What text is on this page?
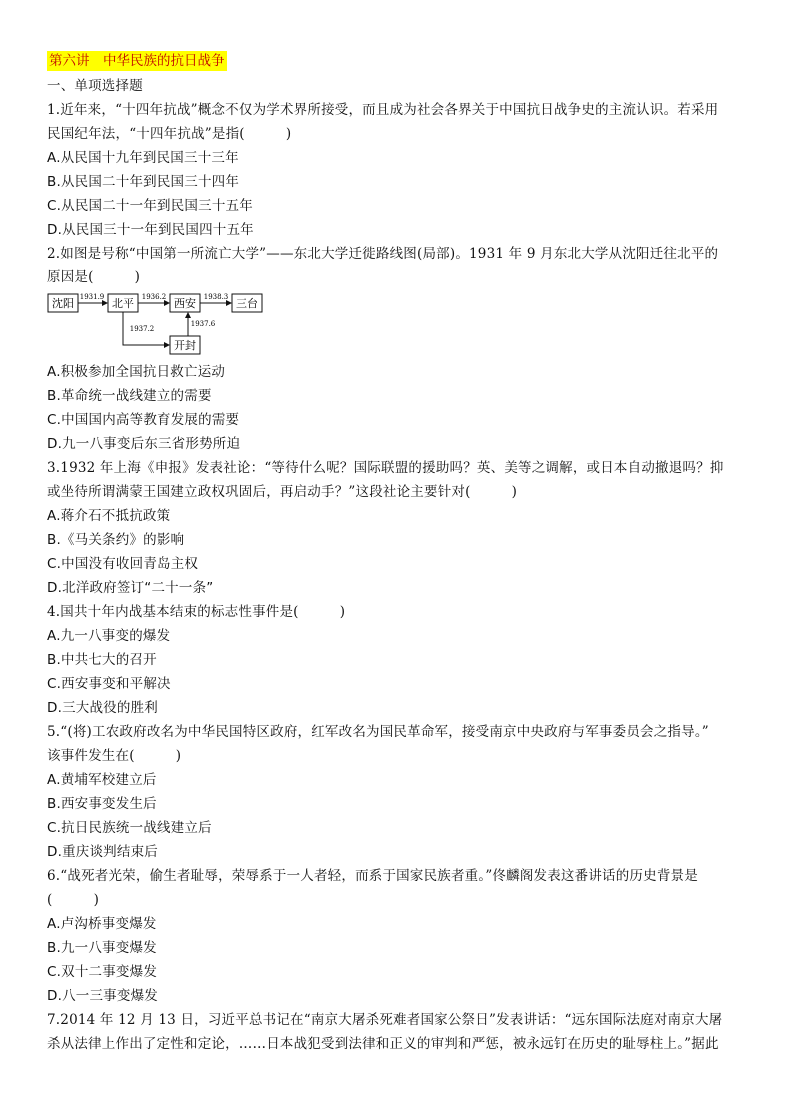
第六讲　中华民族的抗日战争
一、单项选择题
1.近年来，“十四年抗战”概念不仅为学术界所接受，而且成为社会各界关于中国抗日战争史的主流认识。若采用
民国纪年法，“十四年抗战”是指(　　　)
A.从民国十九年到民国三十三年
B.从民国二十年到民国三十四年
C.从民国二十一年到民国三十五年
D.从民国三十一年到民国四十五年
2.如图是号称“中国第一所流亡大学”——东北大学迁徙路线图(局部)。1931 年 9 月东北大学从沈阳迁往北平的
原因是(　　　)
沈阳	北平	西安	三台
开封
1931.9	1936.2	1938.3
1937.2
1937.6
A.积极参加全国抗日救亡运动
B.革命统一战线建立的需要
C.中国国内高等教育发展的需要
D.九一八事变后东三省形势所迫
3.1932 年上海《申报》发表社论：“等待什么呢？国际联盟的援助吗？英、美等之调解，或日本自动撤退吗？抑
或坐待所谓满蒙王国建立政权巩固后，再启动手？”这段社论主要针对(　　　)
A.蒋介石不抵抗政策
B.《马关条约》的影响
C.中国没有收回青岛主权
D.北洋政府签订“二十一条”
4.国共十年内战基本结束的标志性事件是(　　　)
A.九一八事变的爆发
B.中共七大的召开
C.西安事变和平解决
D.三大战役的胜利
5.“(将)工农政府改名为中华民国特区政府，红军改名为国民革命军，接受南京中央政府与军事委员会之指导。”
该事件发生在(　　　)
A.黄埔军校建立后
B.西安事变发生后
C.抗日民族统一战线建立后
D.重庆谈判结束后
6.“战死者光荣，偷生者耻辱，荣辱系于一人者轻，而系于国家民族者重。”佟麟阁发表这番讲话的历史背景是
(　　　)
A.卢沟桥事变爆发
B.九一八事变爆发
C.双十二事变爆发
D.八一三事变爆发
7.2014 年 12 月 13 日，习近平总书记在“南京大屠杀死难者国家公祭日”发表讲话：“远东国际法庭对南京大屠
杀从法律上作出了定性和定论，……日本战犯受到法律和正义的审判和严惩，被永远钉在历史的耻辱柱上。”据此
